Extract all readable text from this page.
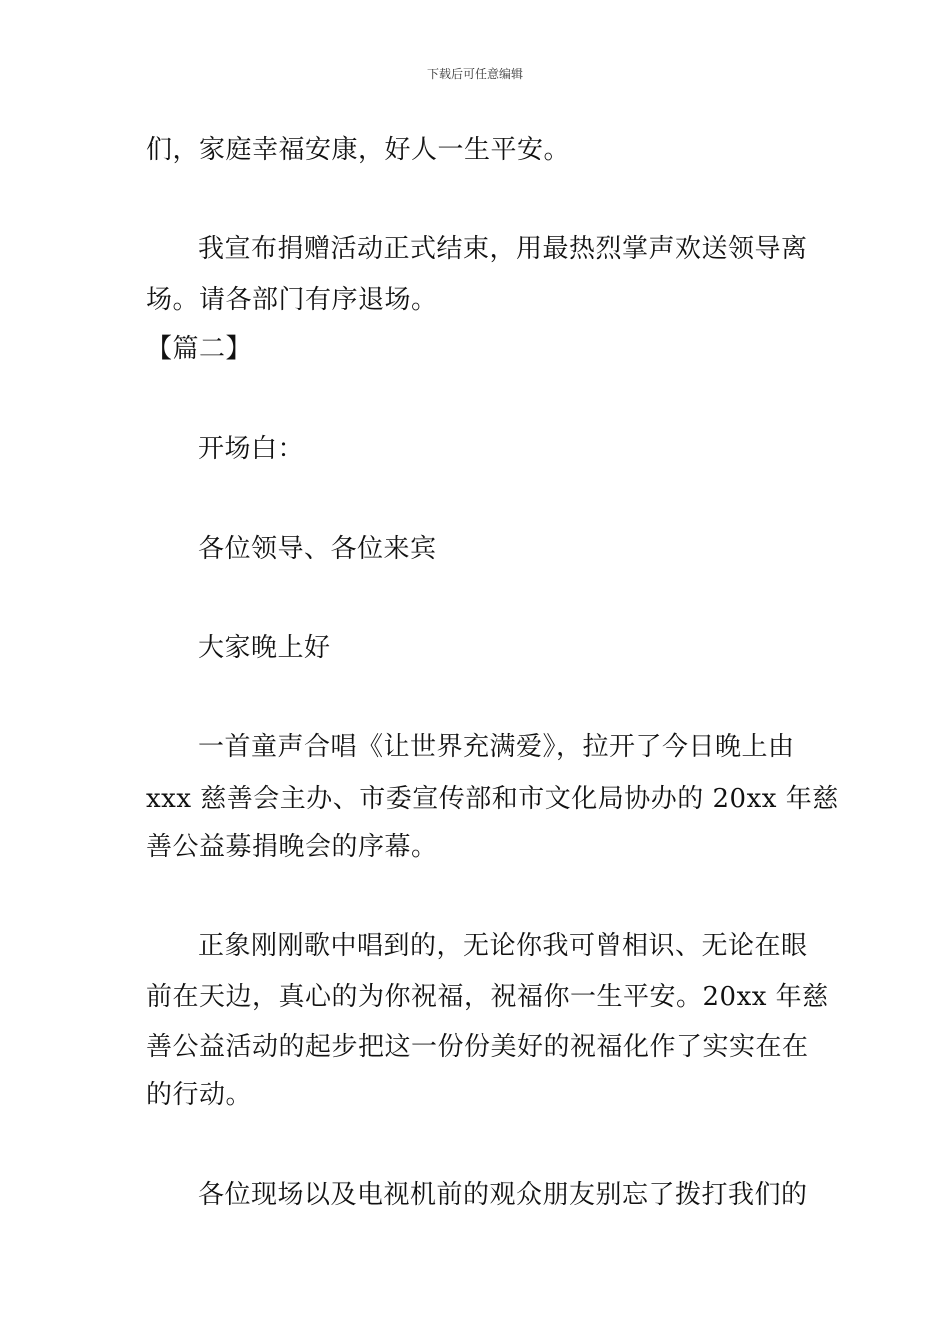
下载后可任意编辑
们，家庭幸福安康，好人一生平安。
我宣布捐赠活动正式结束，用最热烈掌声欢送领导离
场。请各部门有序退场。
【篇二】
开场白：
各位领导、各位来宾
大家晚上好
一首童声合唱《让世界充满爱》，拉开了今日晚上由
xxx 慈善会主办、市委宣传部和市文化局协办的 20xx 年慈
善公益募捐晚会的序幕。
正象刚刚歌中唱到的，无论你我可曾相识、无论在眼
前在天边，真心的为你祝福，祝福你一生平安。20xx 年慈
善公益活动的起步把这一份份美好的祝福化作了实实在在
的行动。
各位现场以及电视机前的观众朋友别忘了拨打我们的
